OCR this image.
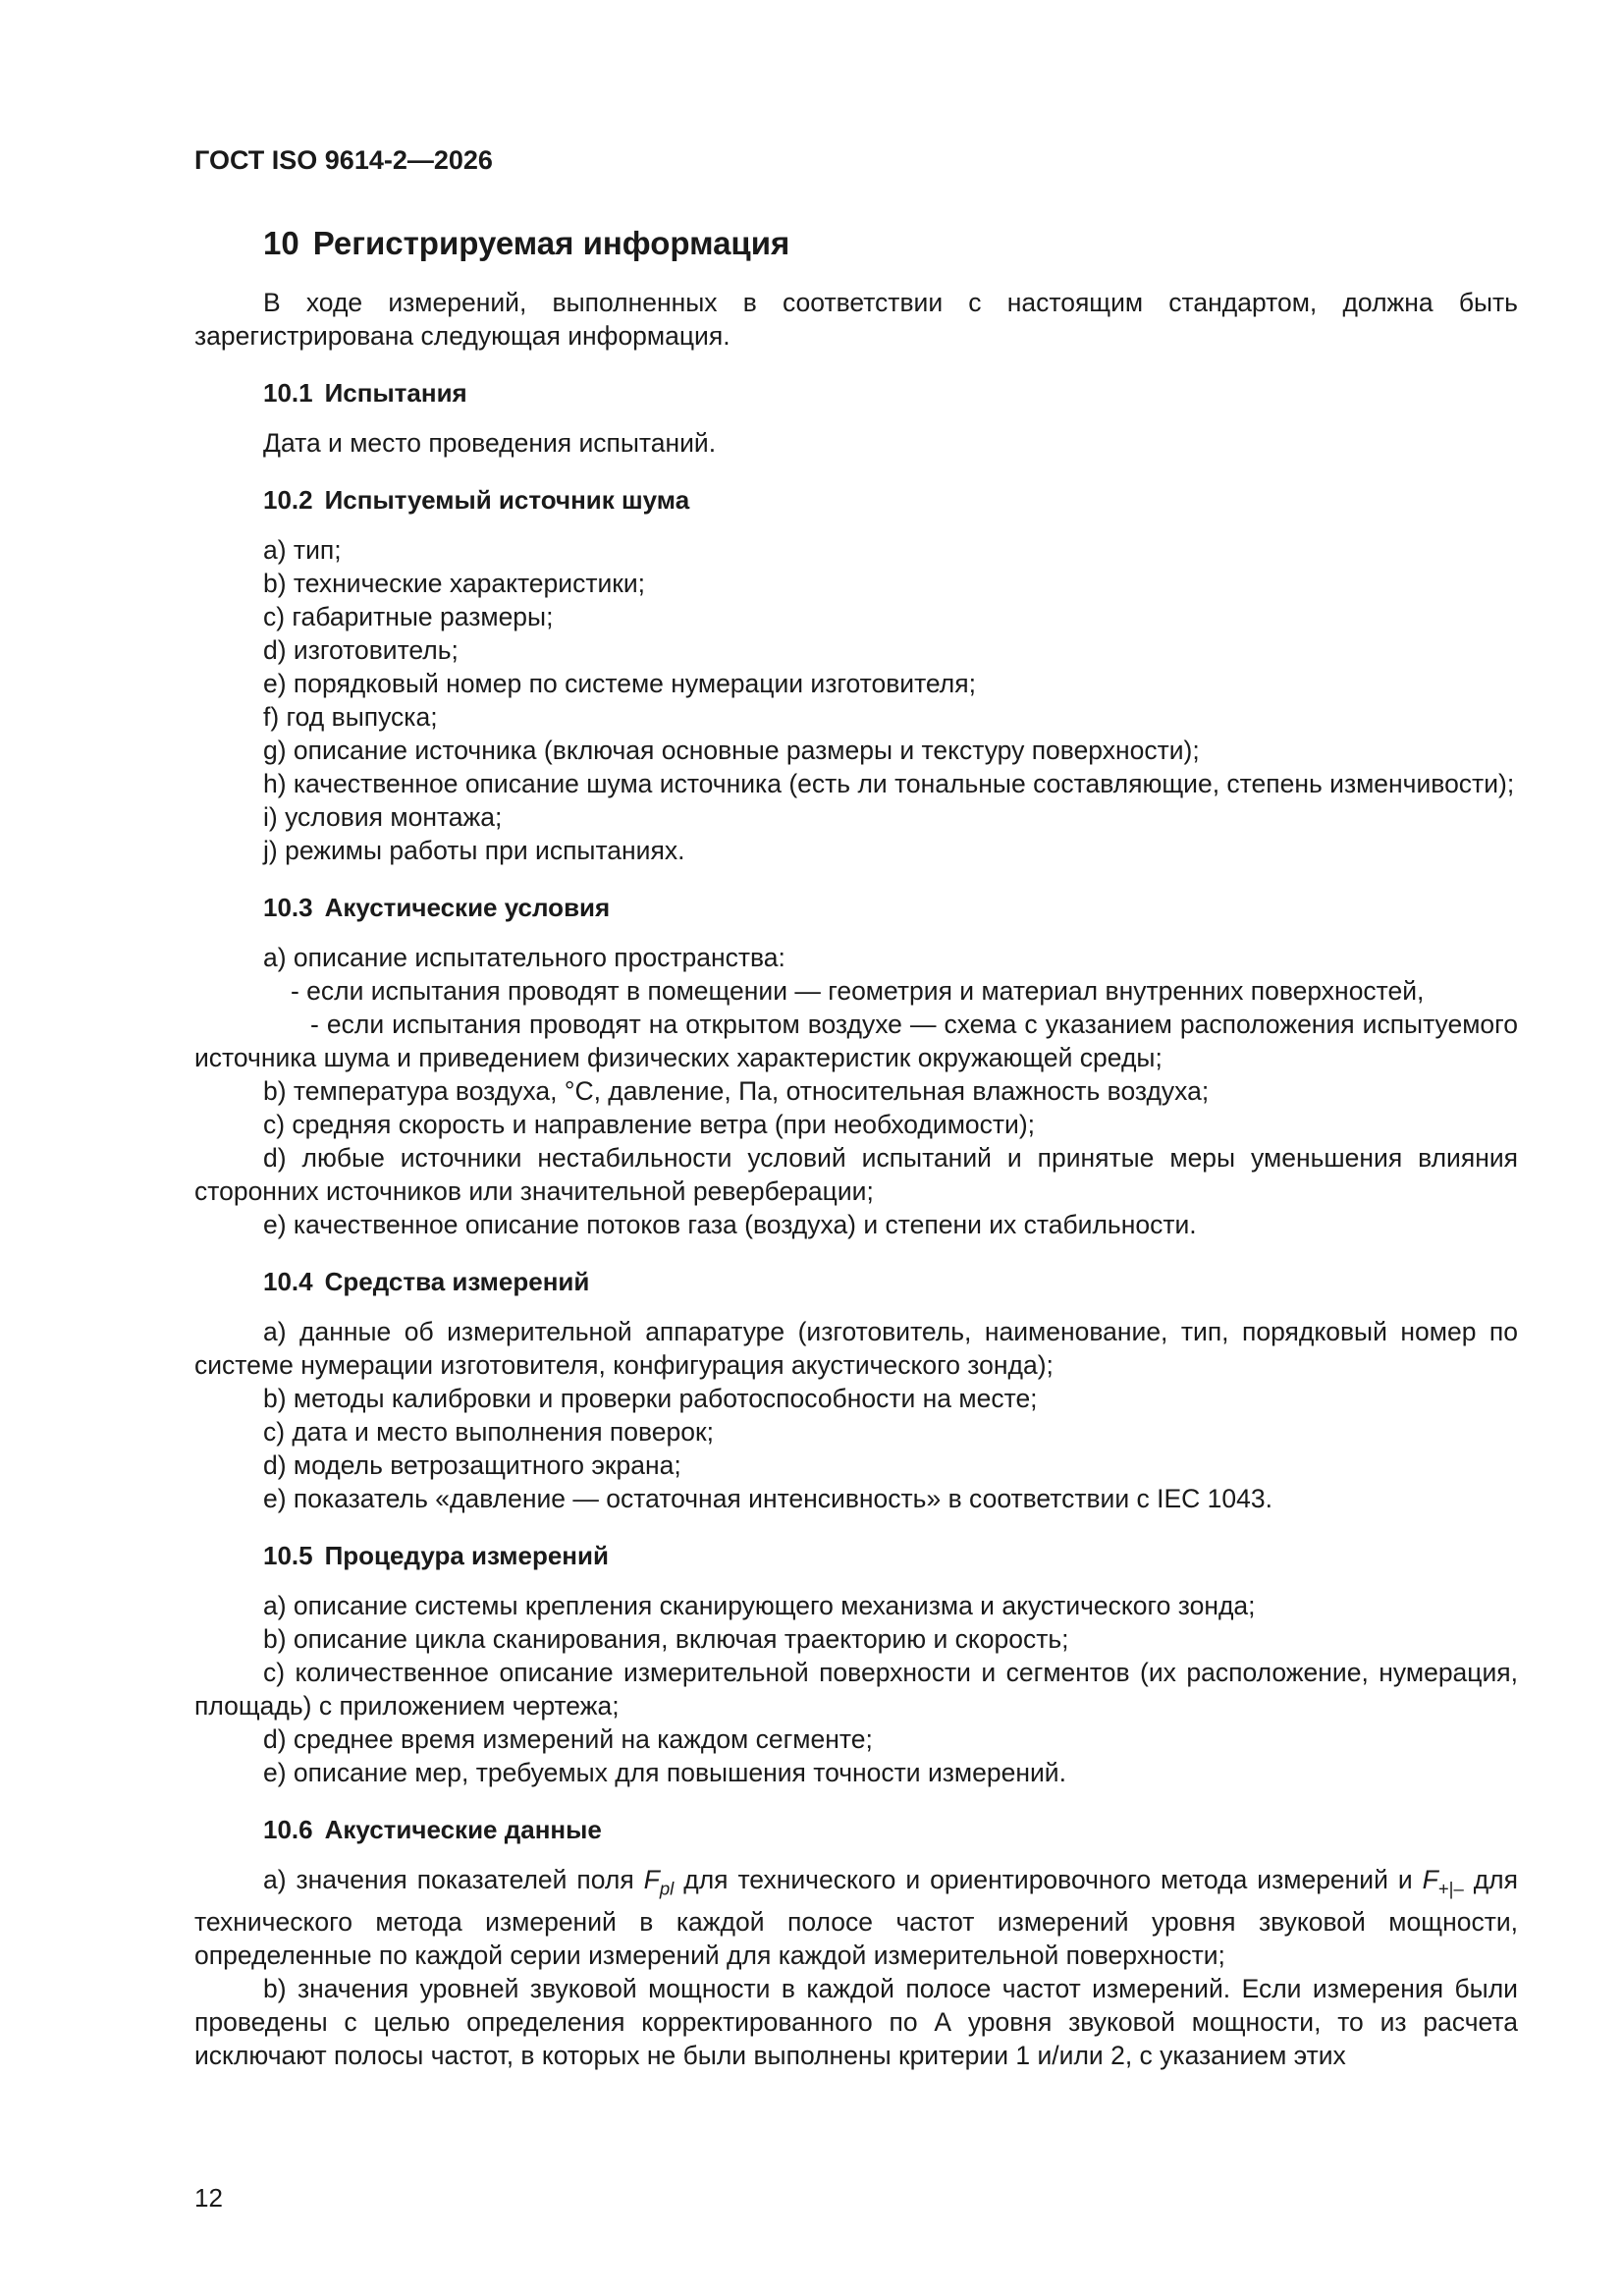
ГОСТ ISO 9614-2—2026
10 Регистрируемая информация

В ходе измерений, выполненных в соответствии с настоящим стандартом, должна быть зарегистрирована следующая информация.

10.1 Испытания

Дата и место проведения испытаний.

10.2 Испытуемый источник шума

a) тип;

b) технические характеристики;

c) габаритные размеры;

d) изготовитель;

e) порядковый номер по системе нумерации изготовителя;

f) год выпуска;

g) описание источника (включая основные размеры и текстуру поверхности);

h) качественное описание шума источника (есть ли тональные составляющие, степень изменчивости);

i) условия монтажа;

j) режимы работы при испытаниях.

10.3 Акустические условия

a) описание испытательного пространства:

- если испытания проводят в помещении — геометрия и материал внутренних поверхностей,

- если испытания проводят на открытом воздухе — схема с указанием расположения испытуемого источника шума и приведением физических характеристик окружающей среды;

b) температура воздуха, °C, давление, Па, относительная влажность воздуха;

c) средняя скорость и направление ветра (при необходимости);

d) любые источники нестабильности условий испытаний и принятые меры уменьшения влияния сторонних источников или значительной реверберации;

e) качественное описание потоков газа (воздуха) и степени их стабильности.

10.4 Средства измерений

a) данные об измерительной аппаратуре (изготовитель, наименование, тип, порядковый номер по системе нумерации изготовителя, конфигурация акустического зонда);

b) методы калибровки и проверки работоспособности на месте;

c) дата и место выполнения поверок;

d) модель ветрозащитного экрана;

e) показатель «давление — остаточная интенсивность» в соответствии с IEC 1043.

10.5 Процедура измерений

a) описание системы крепления сканирующего механизма и акустического зонда;

b) описание цикла сканирования, включая траекторию и скорость;

c) количественное описание измерительной поверхности и сегментов (их расположение, нумерация, площадь) с приложением чертежа;

d) среднее время измерений на каждом сегменте;

e) описание мер, требуемых для повышения точности измерений.

10.6 Акустические данные

a) значения показателей поля $F_{pl}$ для технического и ориентировочного метода измерений и $F_{+|-}$ для технического метода измерений в каждой полосе частот измерений уровня звуковой мощности, определенные по каждой серии измерений для каждой измерительной поверхности;

b) значения уровней звуковой мощности в каждой полосе частот измерений. Если измерения были проведены с целью определения корректированного по А уровня звуковой мощности, то из расчета исключают полосы частот, в которых не были выполнены критерии 1 и/или 2, с указанием этих

12
